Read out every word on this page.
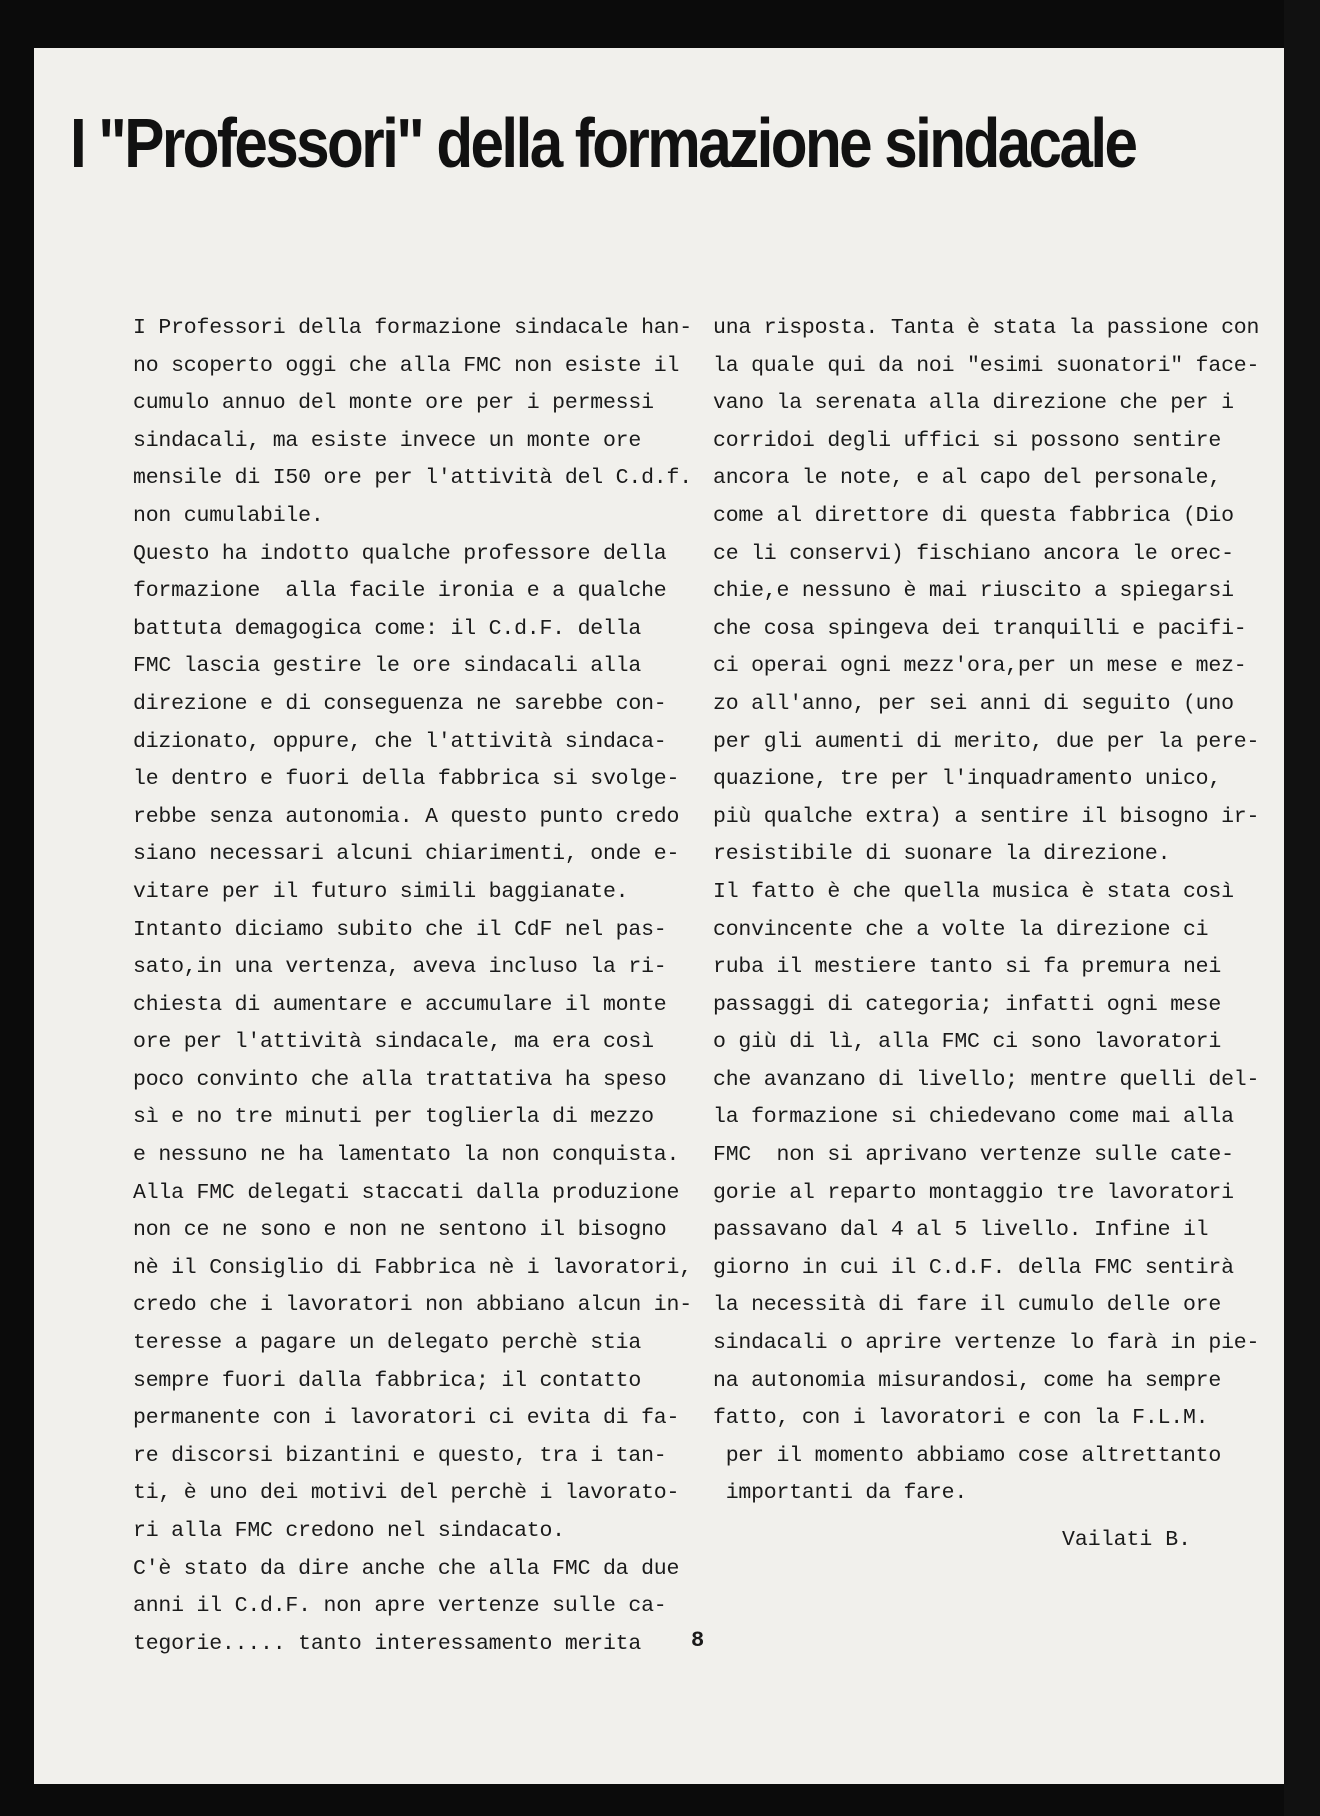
I "Professori" della formazione sindacale

I Professori della formazione sindacale han-

no scoperto oggi che alla FMC non esiste il

cumulo annuo del monte ore per i permessi

sindacali, ma esiste invece un monte ore

mensile di I50 ore per l'attività del C.d.f.

non cumulabile.

Questo ha indotto qualche professore della

formazione  alla facile ironia e a qualche

battuta demagogica come: il C.d.F. della

FMC lascia gestire le ore sindacali alla

direzione e di conseguenza ne sarebbe con-

dizionato, oppure, che l'attività sindaca-

le dentro e fuori della fabbrica si svolge-

rebbe senza autonomia. A questo punto credo

siano necessari alcuni chiarimenti, onde e-

vitare per il futuro simili baggianate.

Intanto diciamo subito che il CdF nel pas-

sato,in una vertenza, aveva incluso la ri-

chiesta di aumentare e accumulare il monte

ore per l'attività sindacale, ma era così

poco convinto che alla trattativa ha speso

sì e no tre minuti per toglierla di mezzo

e nessuno ne ha lamentato la non conquista.

Alla FMC delegati staccati dalla produzione

non ce ne sono e non ne sentono il bisogno

nè il Consiglio di Fabbrica nè i lavoratori,

credo che i lavoratori non abbiano alcun in-

teresse a pagare un delegato perchè stia

sempre fuori dalla fabbrica; il contatto

permanente con i lavoratori ci evita di fa-

re discorsi bizantini e questo, tra i tan-

ti, è uno dei motivi del perchè i lavorato-

ri alla FMC credono nel sindacato.

C'è stato da dire anche che alla FMC da due

anni il C.d.F. non apre vertenze sulle ca-

tegorie..... tanto interessamento merita

una risposta. Tanta è stata la passione con

la quale qui da noi "esimi suonatori" face-

vano la serenata alla direzione che per i

corridoi degli uffici si possono sentire

ancora le note, e al capo del personale,

come al direttore di questa fabbrica (Dio

ce li conservi) fischiano ancora le orec-

chie,e nessuno è mai riuscito a spiegarsi

che cosa spingeva dei tranquilli e pacifi-

ci operai ogni mezz'ora,per un mese e mez-

zo all'anno, per sei anni di seguito (uno

per gli aumenti di merito, due per la pere-

quazione, tre per l'inquadramento unico,

più qualche extra) a sentire il bisogno ir-

resistibile di suonare la direzione.

Il fatto è che quella musica è stata così

convincente che a volte la direzione ci

ruba il mestiere tanto si fa premura nei

passaggi di categoria; infatti ogni mese

o giù di lì, alla FMC ci sono lavoratori

che avanzano di livello; mentre quelli del-

la formazione si chiedevano come mai alla

FMC  non si aprivano vertenze sulle cate-

gorie al reparto montaggio tre lavoratori

passavano dal 4 al 5 livello. Infine il

giorno in cui il C.d.F. della FMC sentirà

la necessità di fare il cumulo delle ore

sindacali o aprire vertenze lo farà in pie-

na autonomia misurandosi, come ha sempre

fatto, con i lavoratori e con la F.L.M.

per il momento abbiamo cose altrettanto

importanti da fare.

Vailati B.
8
